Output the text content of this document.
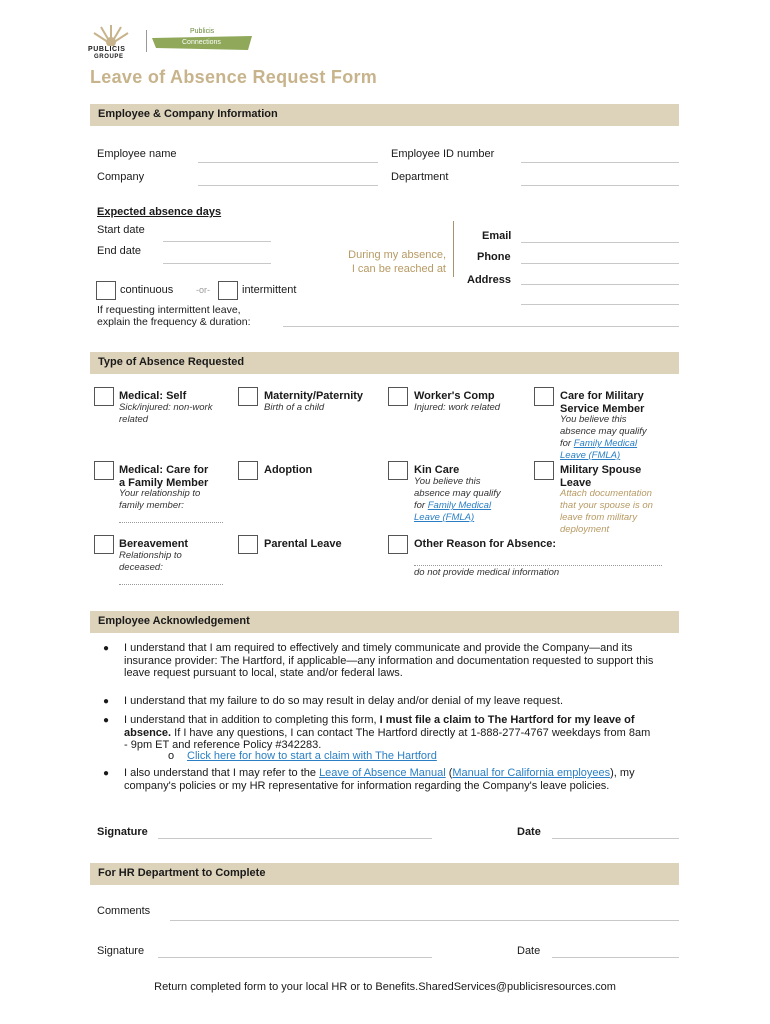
PUBLICIS
GROUPE
Publicis
Connections
Leave of Absence Request Form
Employee & Company Information
Employee name	Employee ID number
Company	Department
Expected absence days
Start date
End date	During my absence,
I can be reached at
Email
Phone
Address
continuous	-or-	intermittent
If requesting intermittent leave,
explain the frequency & duration:
Type of Absence Requested
Medical: Self
Sick/injured: non-work
related
Maternity/Paternity
Birth of a child
Worker's Comp
Injured: work related
Care for Military
Service Member
You believe this
absence may qualify
for Family Medical
Leave (FMLA)
Medical: Care for
a Family Member
Your relationship to
family member:
Adoption	Kin Care
You believe this
absence may qualify
for Family Medical
Leave (FMLA)
Military Spouse
Leave
Attach documentation
that your spouse is on
leave from military
deployment
Bereavement
Relationship to
deceased:
Parental Leave	Other Reason for Absence:
do not provide medical information
Employee Acknowledgement
● I understand that I am required to effectively and timely communicate and provide the Company—and its insurance provider: The Hartford, if applicable—any information and documentation requested to support this leave request pursuant to local, state and/or federal laws.
● I understand that my failure to do so may result in delay and/or denial of my leave request.
● I understand that in addition to completing this form, I must file a claim to The Hartford for my leave of absence. If I have any questions, I can contact The Hartford directly at 1-888-277-4767 weekdays from 8am - 9pm ET and reference Policy #342283.
o Click here for how to start a claim with The Hartford
● I also understand that I may refer to the Leave of Absence Manual (Manual for California employees), my company's policies or my HR representative for information regarding the Company's leave policies.
Signature	Date
For HR Department to Complete
Comments
Signature	Date
Return completed form to your local HR or to Benefits.SharedServices@publicisresources.com
